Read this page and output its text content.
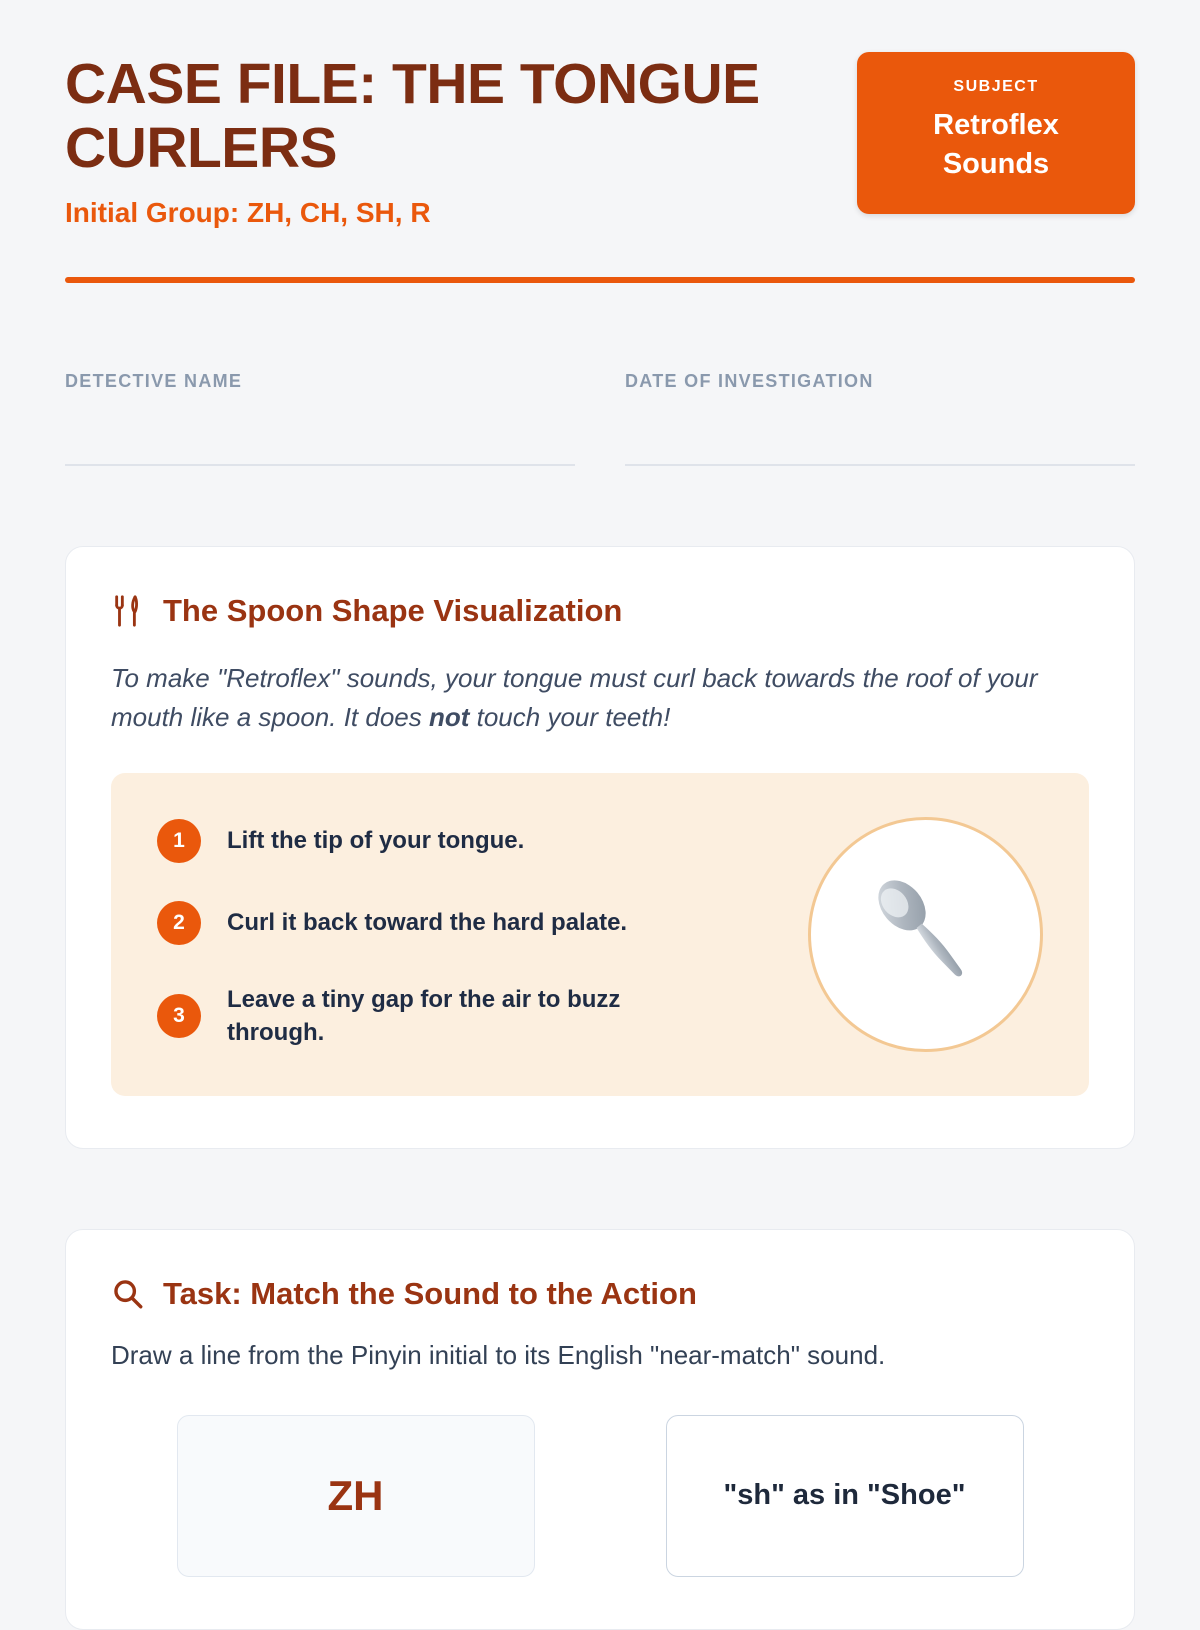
CASE FILE: THE TONGUE CURLERS
Initial Group: ZH, CH, SH, R
SUBJECT
Retroflex Sounds
DETECTIVE NAME	DATE OF INVESTIGATION
The Spoon Shape Visualization
To make "Retroflex" sounds, your tongue must curl back towards the roof of your mouth like a spoon. It does not touch your teeth!
1	Lift the tip of your tongue.
2	Curl it back toward the hard palate.
3
Leave a tiny gap for the air to buzz through.
Task: Match the Sound to the Action
Draw a line from the Pinyin initial to its English "near-match" sound.
ZH	"sh" as in "Shoe"
